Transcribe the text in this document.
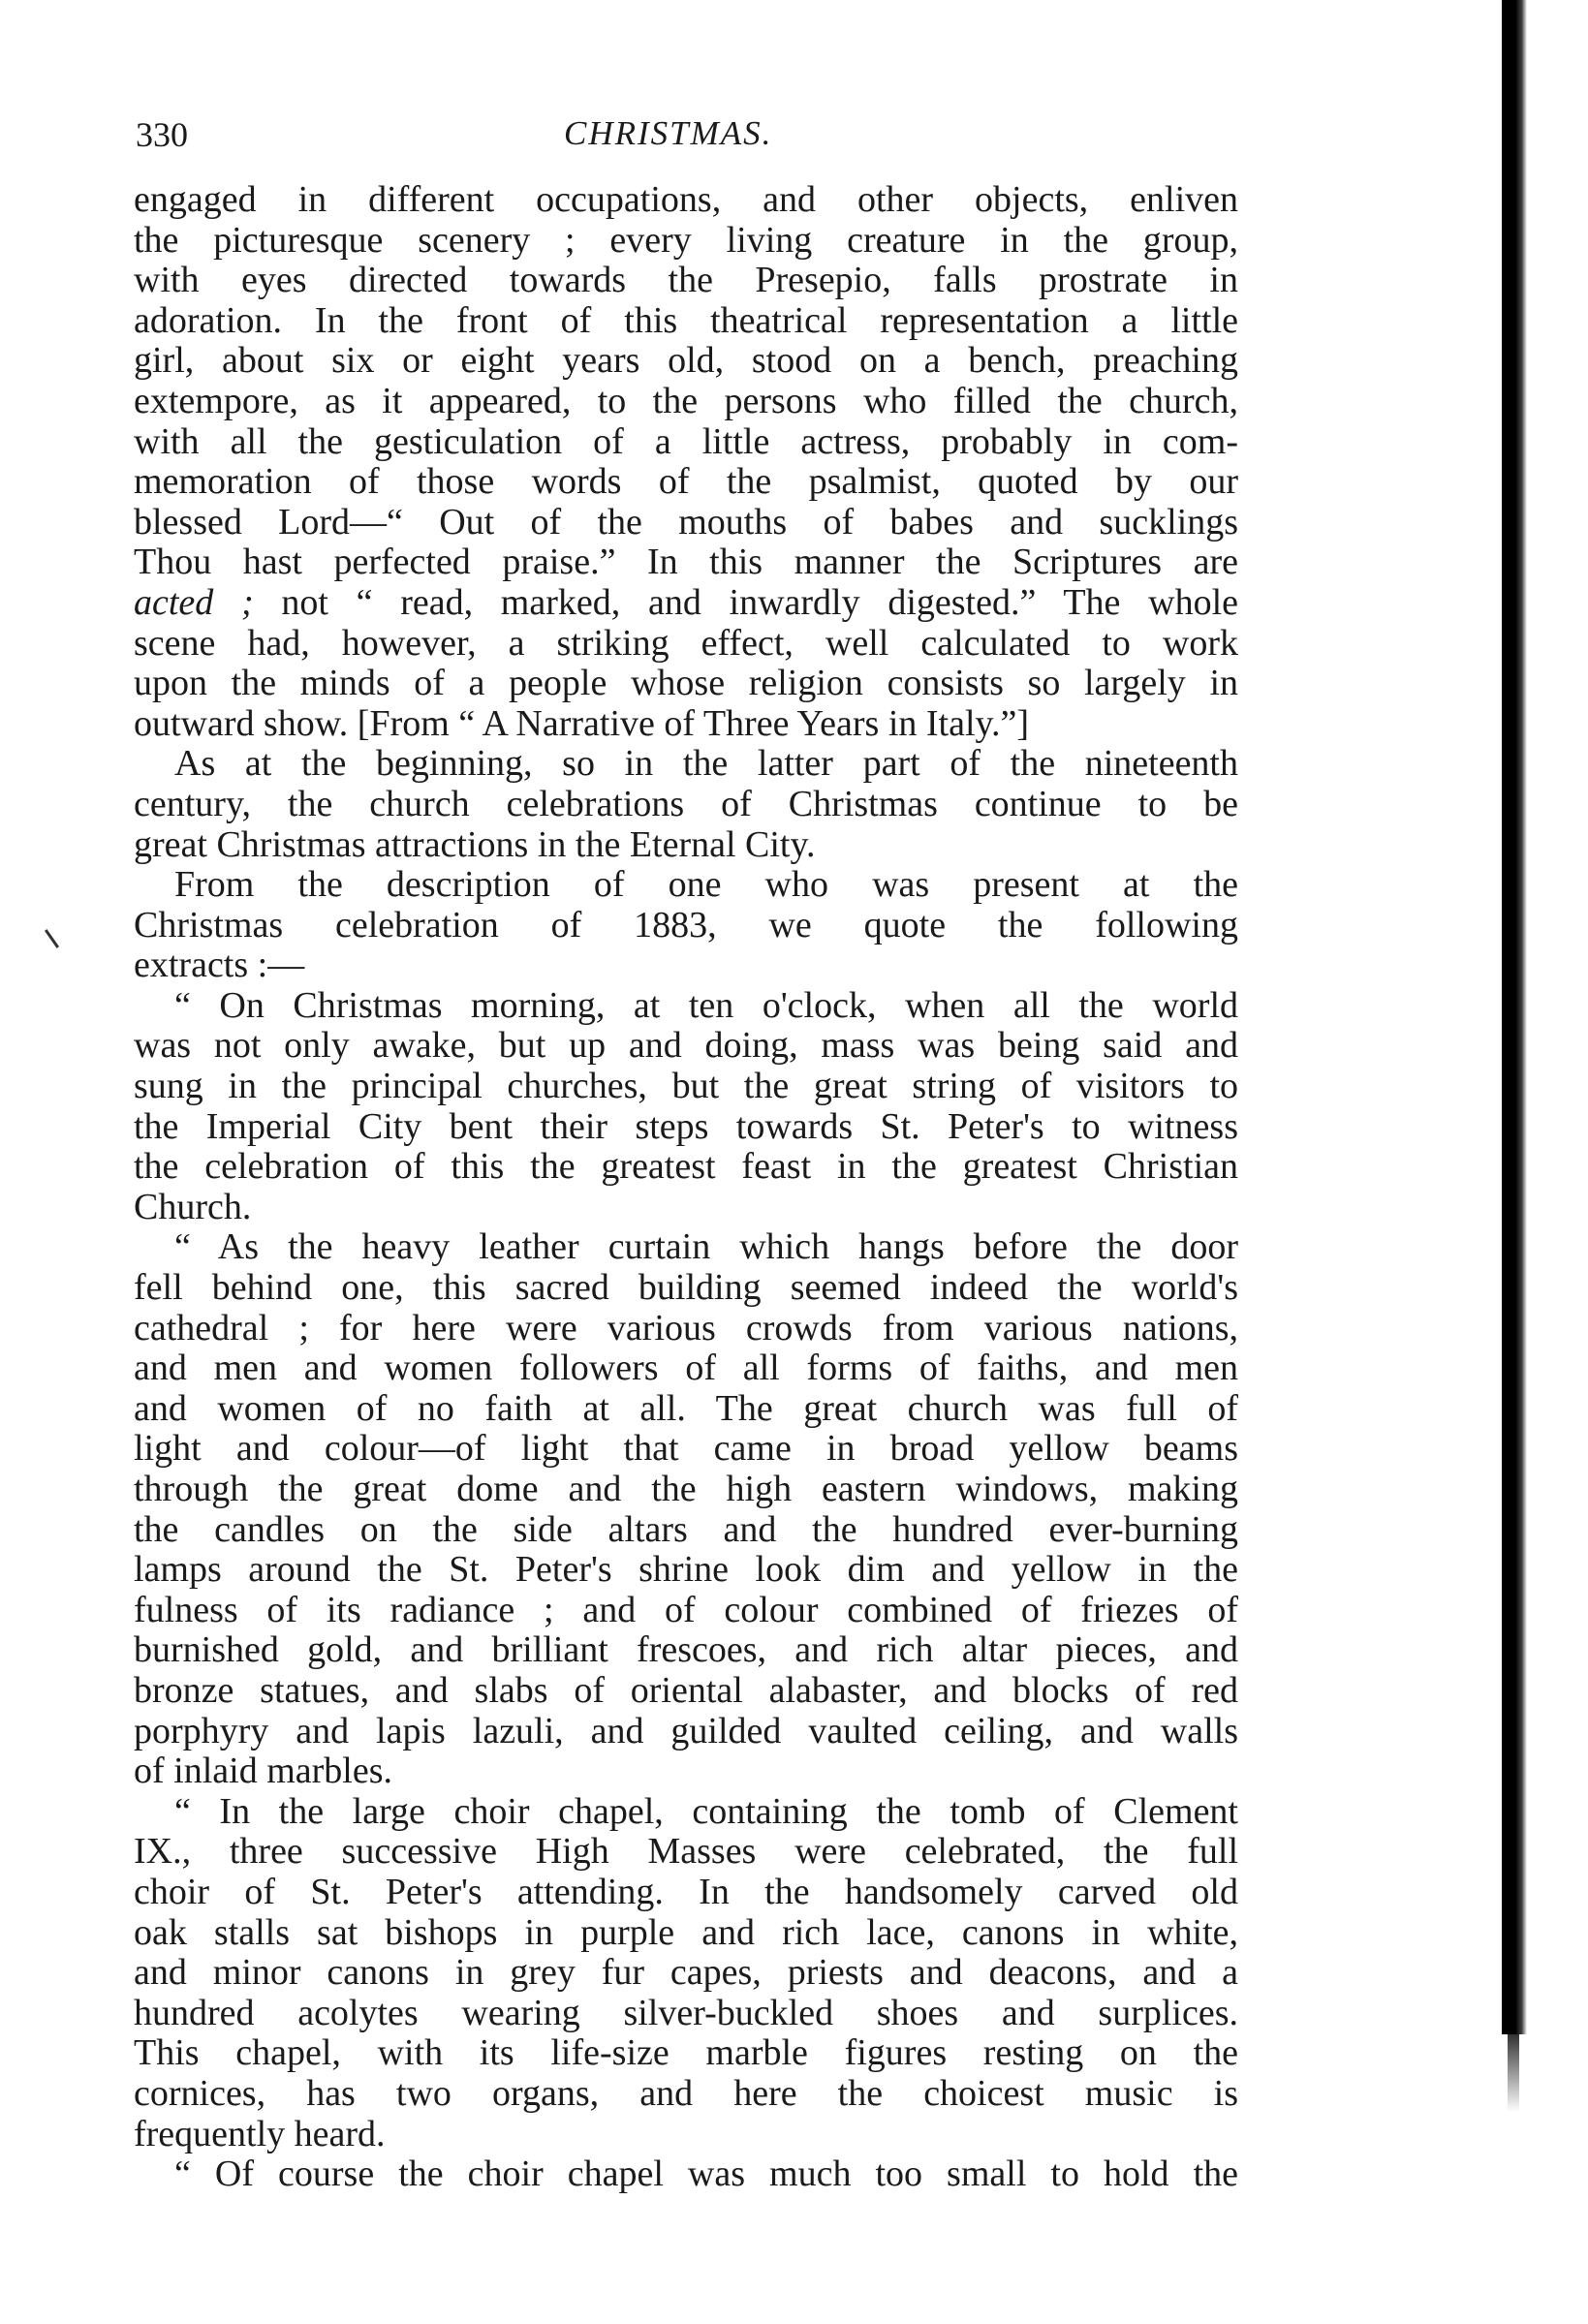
330	CHRISTMAS.
engaged in different occupations, and other objects, enliven
the picturesque scenery ; every living creature in the group,
with eyes directed towards the Presepio, falls prostrate in
adoration. In the front of this theatrical representation a little
girl, about six or eight years old, stood on a bench, preaching
extempore, as it appeared, to the persons who filled the church,
with all the gesticulation of a little actress, probably in com-
memoration of those words of the psalmist, quoted by our
blessed Lord—“ Out of the mouths of babes and sucklings
Thou hast perfected praise.” In this manner the Scriptures are
acted ; not “ read, marked, and inwardly digested.” The whole
scene had, however, a striking effect, well calculated to work
upon the minds of a people whose religion consists so largely in
outward show. [From “ A Narrative of Three Years in Italy.”]
As at the beginning, so in the latter part of the nineteenth
century, the church celebrations of Christmas continue to be
great Christmas attractions in the Eternal City.
From the description of one who was present at the
Christmas celebration of 1883, we quote the following
extracts :—
“ On Christmas morning, at ten o'clock, when all the world
was not only awake, but up and doing, mass was being said and
sung in the principal churches, but the great string of visitors to
the Imperial City bent their steps towards St. Peter's to witness
the celebration of this the greatest feast in the greatest Christian
Church.
“ As the heavy leather curtain which hangs before the door
fell behind one, this sacred building seemed indeed the world's
cathedral ; for here were various crowds from various nations,
and men and women followers of all forms of faiths, and men
and women of no faith at all. The great church was full of
light and colour—of light that came in broad yellow beams
through the great dome and the high eastern windows, making
the candles on the side altars and the hundred ever-burning
lamps around the St. Peter's shrine look dim and yellow in the
fulness of its radiance ; and of colour combined of friezes of
burnished gold, and brilliant frescoes, and rich altar pieces, and
bronze statues, and slabs of oriental alabaster, and blocks of red
porphyry and lapis lazuli, and guilded vaulted ceiling, and walls
of inlaid marbles.
“ In the large choir chapel, containing the tomb of Clement
IX., three successive High Masses were celebrated, the full
choir of St. Peter's attending. In the handsomely carved old
oak stalls sat bishops in purple and rich lace, canons in white,
and minor canons in grey fur capes, priests and deacons, and a
hundred acolytes wearing silver-buckled shoes and surplices.
This chapel, with its life-size marble figures resting on the
cornices, has two organs, and here the choicest music is
frequently heard.
“ Of course the choir chapel was much too small to hold the
